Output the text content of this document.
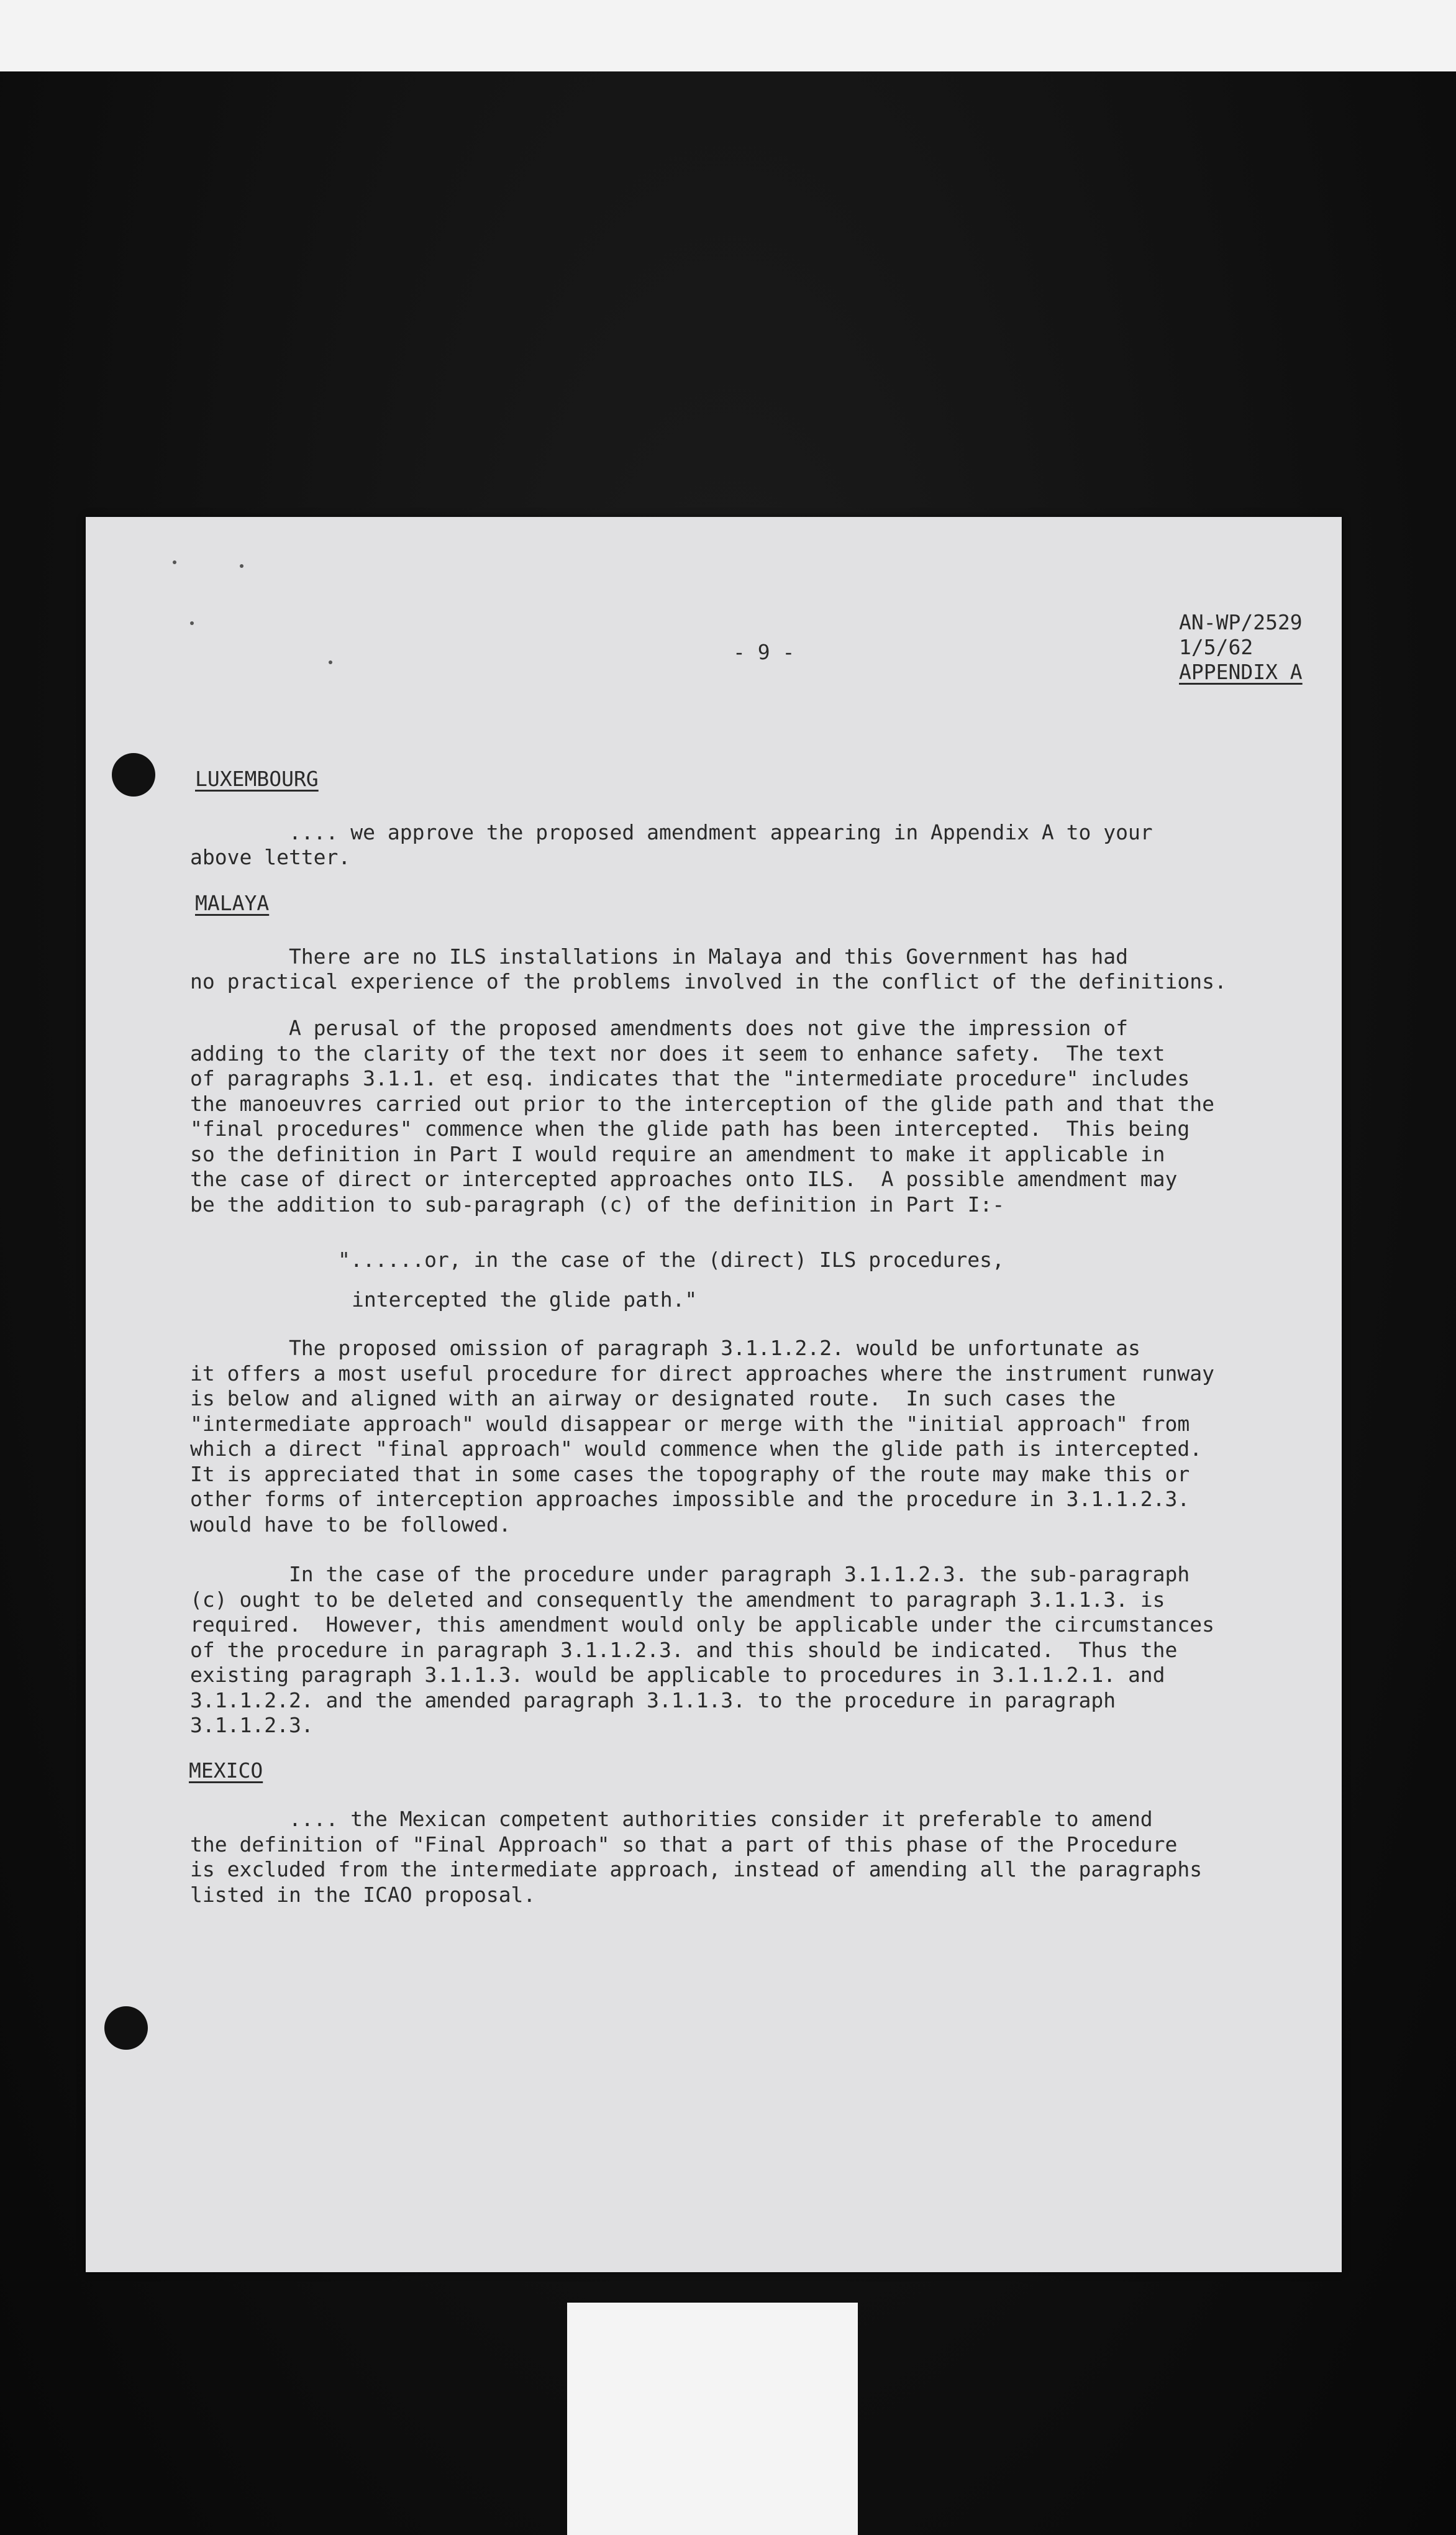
- 9 -

AN-WP/2529

1/5/62

APPENDIX A

LUXEMBOURG

.... we approve the proposed amendment appearing in Appendix A to your

above letter.

MALAYA

There are no ILS installations in Malaya and this Government has had

no practical experience of the problems involved in the conflict of the definitions.

A perusal of the proposed amendments does not give the impression of

adding to the clarity of the text nor does it seem to enhance safety.  The text

of paragraphs 3.1.1. et esq. indicates that the "intermediate procedure" includes

the manoeuvres carried out prior to the interception of the glide path and that the

"final procedures" commence when the glide path has been intercepted.  This being

so the definition in Part I would require an amendment to make it applicable in

the case of direct or intercepted approaches onto ILS.  A possible amendment may

be the addition to sub-paragraph (c) of the definition in Part I:-

"......or, in the case of the (direct) ILS procedures,

intercepted the glide path."

The proposed omission of paragraph 3.1.1.2.2. would be unfortunate as

it offers a most useful procedure for direct approaches where the instrument runway

is below and aligned with an airway or designated route.  In such cases the

"intermediate approach" would disappear or merge with the "initial approach" from

which a direct "final approach" would commence when the glide path is intercepted.

It is appreciated that in some cases the topography of the route may make this or

other forms of interception approaches impossible and the procedure in 3.1.1.2.3.

would have to be followed.

In the case of the procedure under paragraph 3.1.1.2.3. the sub-paragraph

(c) ought to be deleted and consequently the amendment to paragraph 3.1.1.3. is

required.  However, this amendment would only be applicable under the circumstances

of the procedure in paragraph 3.1.1.2.3. and this should be indicated.  Thus the

existing paragraph 3.1.1.3. would be applicable to procedures in 3.1.1.2.1. and

3.1.1.2.2. and the amended paragraph 3.1.1.3. to the procedure in paragraph

3.1.1.2.3.

MEXICO

.... the Mexican competent authorities consider it preferable to amend

the definition of "Final Approach" so that a part of this phase of the Procedure

is excluded from the intermediate approach, instead of amending all the paragraphs

listed in the ICAO proposal.
